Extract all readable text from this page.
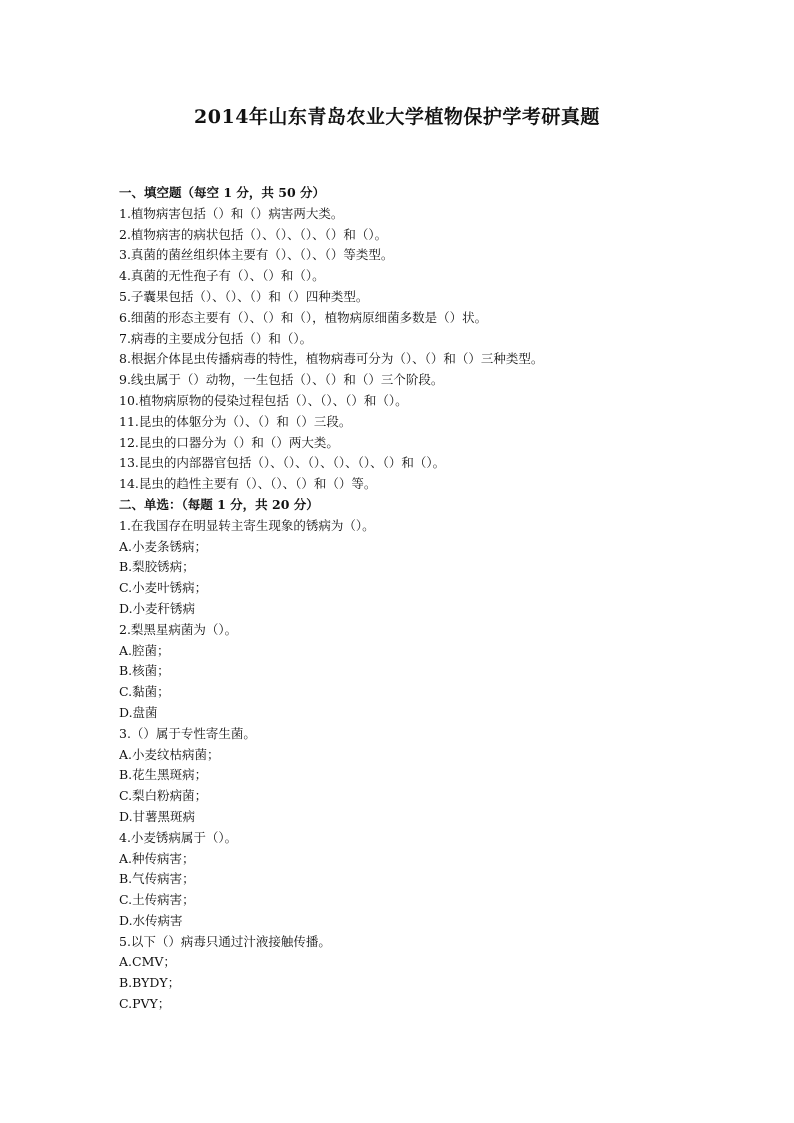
2014年山东青岛农业大学植物保护学考研真题
一、填空题（每空 1 分，共 50 分）
1.植物病害包括（）和（）病害两大类。
2.植物病害的病状包括（）、（）、（）、（）和（）。
3.真菌的菌丝组织体主要有（）、（）、（）等类型。
4.真菌的无性孢子有（）、（）和（）。
5.子囊果包括（）、（）、（）和（）四种类型。
6.细菌的形态主要有（）、（）和（），植物病原细菌多数是（）状。
7.病毒的主要成分包括（）和（）。
8.根据介体昆虫传播病毒的特性，植物病毒可分为（）、（）和（）三种类型。
9.线虫属于（）动物，一生包括（）、（）和（）三个阶段。
10.植物病原物的侵染过程包括（）、（）、（）和（）。
11.昆虫的体躯分为（）、（）和（）三段。
12.昆虫的口器分为（）和（）两大类。
13.昆虫的内部器官包括（）、（）、（）、（）、（）、（）和（）。
14.昆虫的趋性主要有（）、（）、（）和（）等。
二、单选：（每题 1 分，共 20 分）
1.在我国存在明显转主寄生现象的锈病为（）。
A.小麦条锈病；
B.梨胶锈病；
C.小麦叶锈病；
D.小麦秆锈病
2.梨黑星病菌为（）。
A.腔菌；
B.核菌；
C.黏菌；
D.盘菌
3.（）属于专性寄生菌。
A.小麦纹枯病菌；
B.花生黑斑病；
C.梨白粉病菌；
D.甘薯黑斑病
4.小麦锈病属于（）。
A.种传病害；
B.气传病害；
C.土传病害；
D.水传病害
5.以下（）病毒只通过汁液接触传播。
A.CMV；
B.BYDY；
C.PVY；
